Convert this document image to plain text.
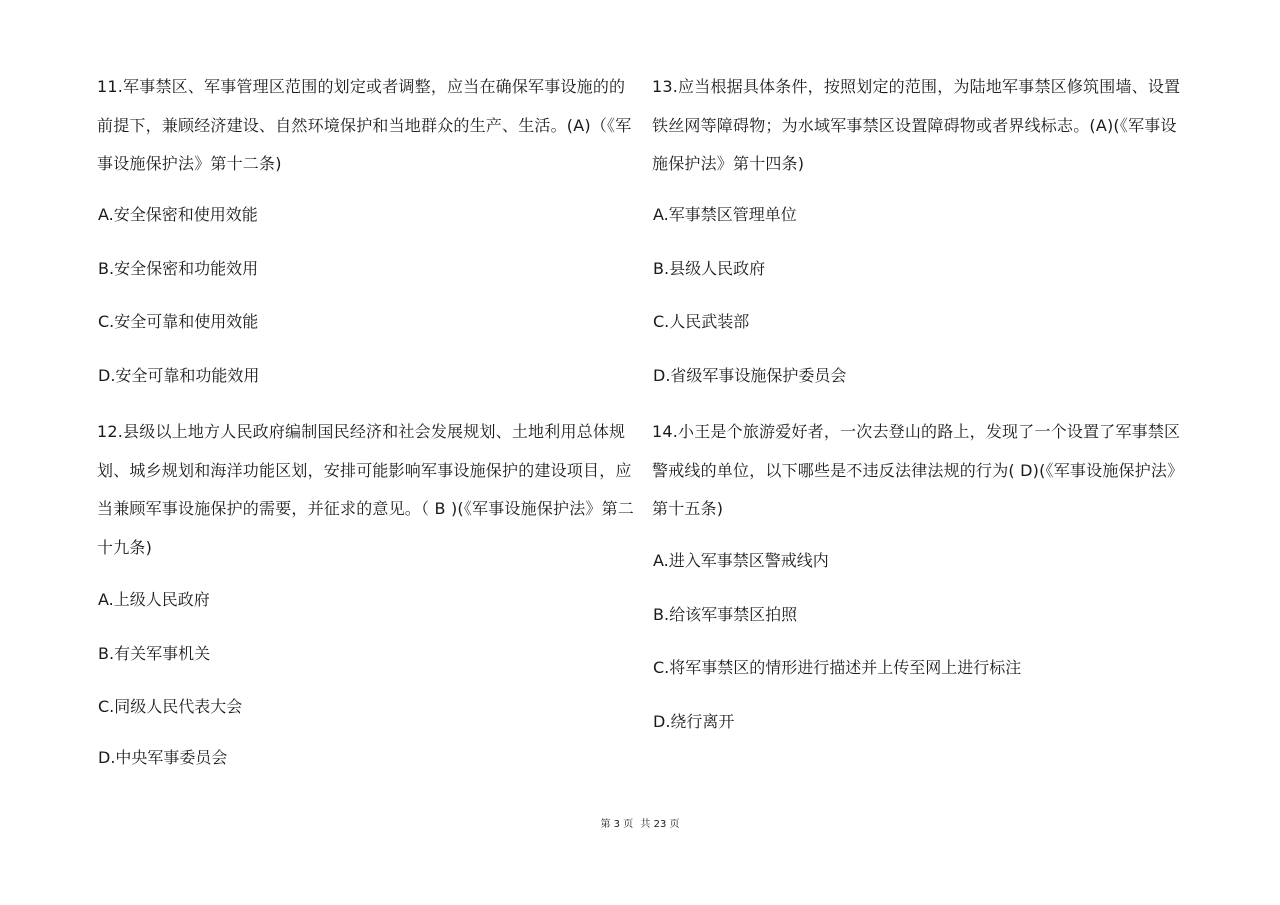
11.军事禁区、军事管理区范围的划定或者调整，应当在确保军事设施的的前提下，兼顾经济建设、自然环境保护和当地群众的生产、生活。(A)（《军事设施保护法》第十二条)
A.安全保密和使用效能
B.安全保密和功能效用
C.安全可靠和使用效能
D.安全可靠和功能效用
12.县级以上地方人民政府编制国民经济和社会发展规划、土地利用总体规划、城乡规划和海洋功能区划，安排可能影响军事设施保护的建设项目，应当兼顾军事设施保护的需要，并征求的意见。（ B )(《军事设施保护法》第二十九条)
A.上级人民政府
B.有关军事机关
C.同级人民代表大会
D.中央军事委员会
13.应当根据具体条件，按照划定的范围，为陆地军事禁区修筑围墙、设置铁丝网等障碍物；为水域军事禁区设置障碍物或者界线标志。(A)(《军事设施保护法》第十四条)
A.军事禁区管理单位
B.县级人民政府
C.人民武装部
D.省级军事设施保护委员会
14.小王是个旅游爱好者，一次去登山的路上，发现了一个设置了军事禁区警戒线的单位，以下哪些是不违反法律法规的行为( D)(《军事设施保护法》第十五条)
A.进入军事禁区警戒线内
B.给该军事禁区拍照
C.将军事禁区的情形进行描述并上传至网上进行标注
D.绕行离开
第 3 页 共 23 页
